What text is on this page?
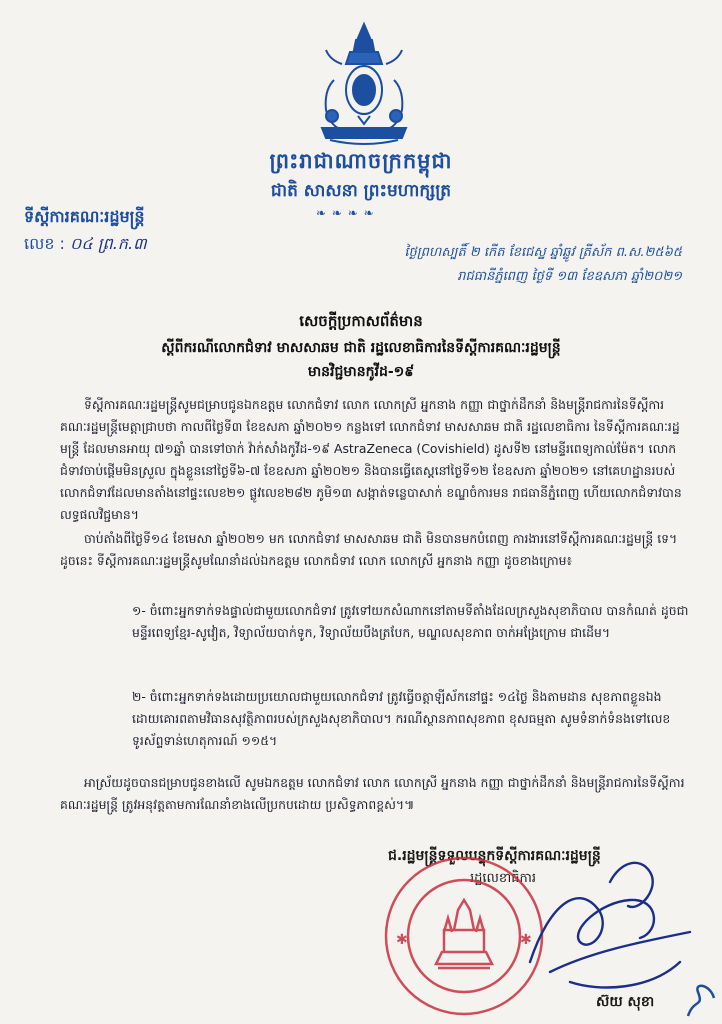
ព្រះរាជាណាចក្រកម្ពុជា
ជាតិ សាសនា ព្រះមហាក្សត្រ
❧ ❧ ❧ ❧
ទីស្តីការគណៈរដ្ឋមន្ត្រី
លេខ : ០៤ ព្រ.ក.៣	ថ្ងៃព្រហស្បតិ៍ ២ កើត ខែជេស្ឋ ឆ្នាំឆ្លូវ ត្រីស័ក ព.ស.២៥៦៥
រាជធានីភ្នំពេញ ថ្ងៃទី ១៣ ខែឧសភា ឆ្នាំ២០២១
សេចក្តីប្រកាសព័ត៌មាន
ស្តីពីករណីលោកជំទាវ មាសសាឆម ជាតិ រដ្ឋលេខាធិការនៃទីស្តីការគណៈរដ្ឋមន្ត្រី
មានវិជ្ជមានកូវីដ-១៩

ទីស្តីការគណៈរដ្ឋមន្ត្រីសូមជម្រាបជូនឯកឧត្តម លោកជំទាវ លោក លោកស្រី អ្នកនាង កញ្ញា ជាថ្នាក់ដឹកនាំ និងមន្ត្រីរាជការនៃទីស្តីការគណៈរដ្ឋមន្ត្រីមេត្តាជ្រាបថា កាលពីថ្ងៃទី៣ ខែឧសភា ឆ្នាំ២០២១ កន្លងទៅ លោកជំទាវ មាសសាឆម ជាតិ រដ្ឋលេខាធិការ នៃទីស្តីការគណៈរដ្ឋមន្ត្រី ដែលមានអាយុ ៧១ឆ្នាំ បានទៅចាក់ វ៉ាក់សាំងកូវីដ-១៩ AstraZeneca (Covishield) ដូសទី២ នៅមន្ទីរពេទ្យកាល់ម៉ែត។ លោកជំទាវចាប់ផ្តើមមិនស្រួល ក្នុងខ្លួននៅថ្ងៃទី៦-៧ ខែឧសភា ឆ្នាំ២០២១ និងបានធ្វើតេស្តនៅថ្ងៃទី១២ ខែឧសភា ឆ្នាំ២០២១ នៅគេហដ្ឋានរបស់ លោកជំទាវដែលមានតាំងនៅផ្ទះលេខ២១ ផ្លូវលេខ២៨២ ភូមិ១៣ សង្កាត់ទន្លេបាសាក់ ខណ្ឌចំការមន រាជធានីភ្នំពេញ ហើយលោកជំទាវបានលទ្ធផលវិជ្ជមាន។

ចាប់តាំងពីថ្ងៃទី១៤ ខែមេសា ឆ្នាំ២០២១ មក លោកជំទាវ មាសសាឆម ជាតិ មិនបានមកបំពេញ ការងារនៅទីស្តីការគណៈរដ្ឋមន្ត្រី ទេ។ ដូចនេះ ទីស្តីការគណៈរដ្ឋមន្ត្រីសូមណែនាំដល់ឯកឧត្តម លោកជំទាវ លោក លោកស្រី អ្នកនាង កញ្ញា ដូចខាងក្រោម៖

១- ចំពោះអ្នកទាក់ទងផ្ទាល់ជាមួយលោកជំទាវ ត្រូវទៅយកសំណាកនៅតាមទីតាំងដែលក្រសួងសុខាភិបាល បានកំណត់ ដូចជា មន្ទីរពេទ្យខ្មែរ-សូវៀត, វិទ្យាល័យបាក់ទូក, វិទ្យាល័យបឹងត្របែក, មណ្ឌលសុខភាព ចាក់អង្រែក្រោម ជាដើម។
២- ចំពោះអ្នកទាក់ទងដោយប្រយោលជាមួយលោកជំទាវ ត្រូវធ្វើចត្តាឡីស័កនៅផ្ទះ ១៤ថ្ងៃ និងតាមដាន សុខភាពខ្លួនឯង ដោយគោរពតាមវិធានសុវត្ថិភាពរបស់ក្រសួងសុខាភិបាល។ ករណីស្ថានភាពសុខភាព ខុសធម្មតា សូមទំនាក់ទំនងទៅលេខទូរស័ព្ទទាន់ហេតុការណ៍ ១១៥។

អាស្រ័យដូចបានជម្រាបជូនខាងលើ សូមឯកឧត្តម លោកជំទាវ លោក លោកស្រី អ្នកនាង កញ្ញា ជាថ្នាក់ដឹកនាំ និងមន្ត្រីរាជការនៃទីស្តីការគណៈរដ្ឋមន្ត្រី ត្រូវអនុវត្តតាមការណែនាំខាងលើប្រកបដោយ ប្រសិទ្ធភាពខ្ពស់។៕

ជ.រដ្ឋមន្ត្រីទទួលបន្ទុកទីស្តីការគណៈរដ្ឋមន្ត្រី
រដ្ឋលេខាធិការ
✱	✱
ស៊យ សុខា
